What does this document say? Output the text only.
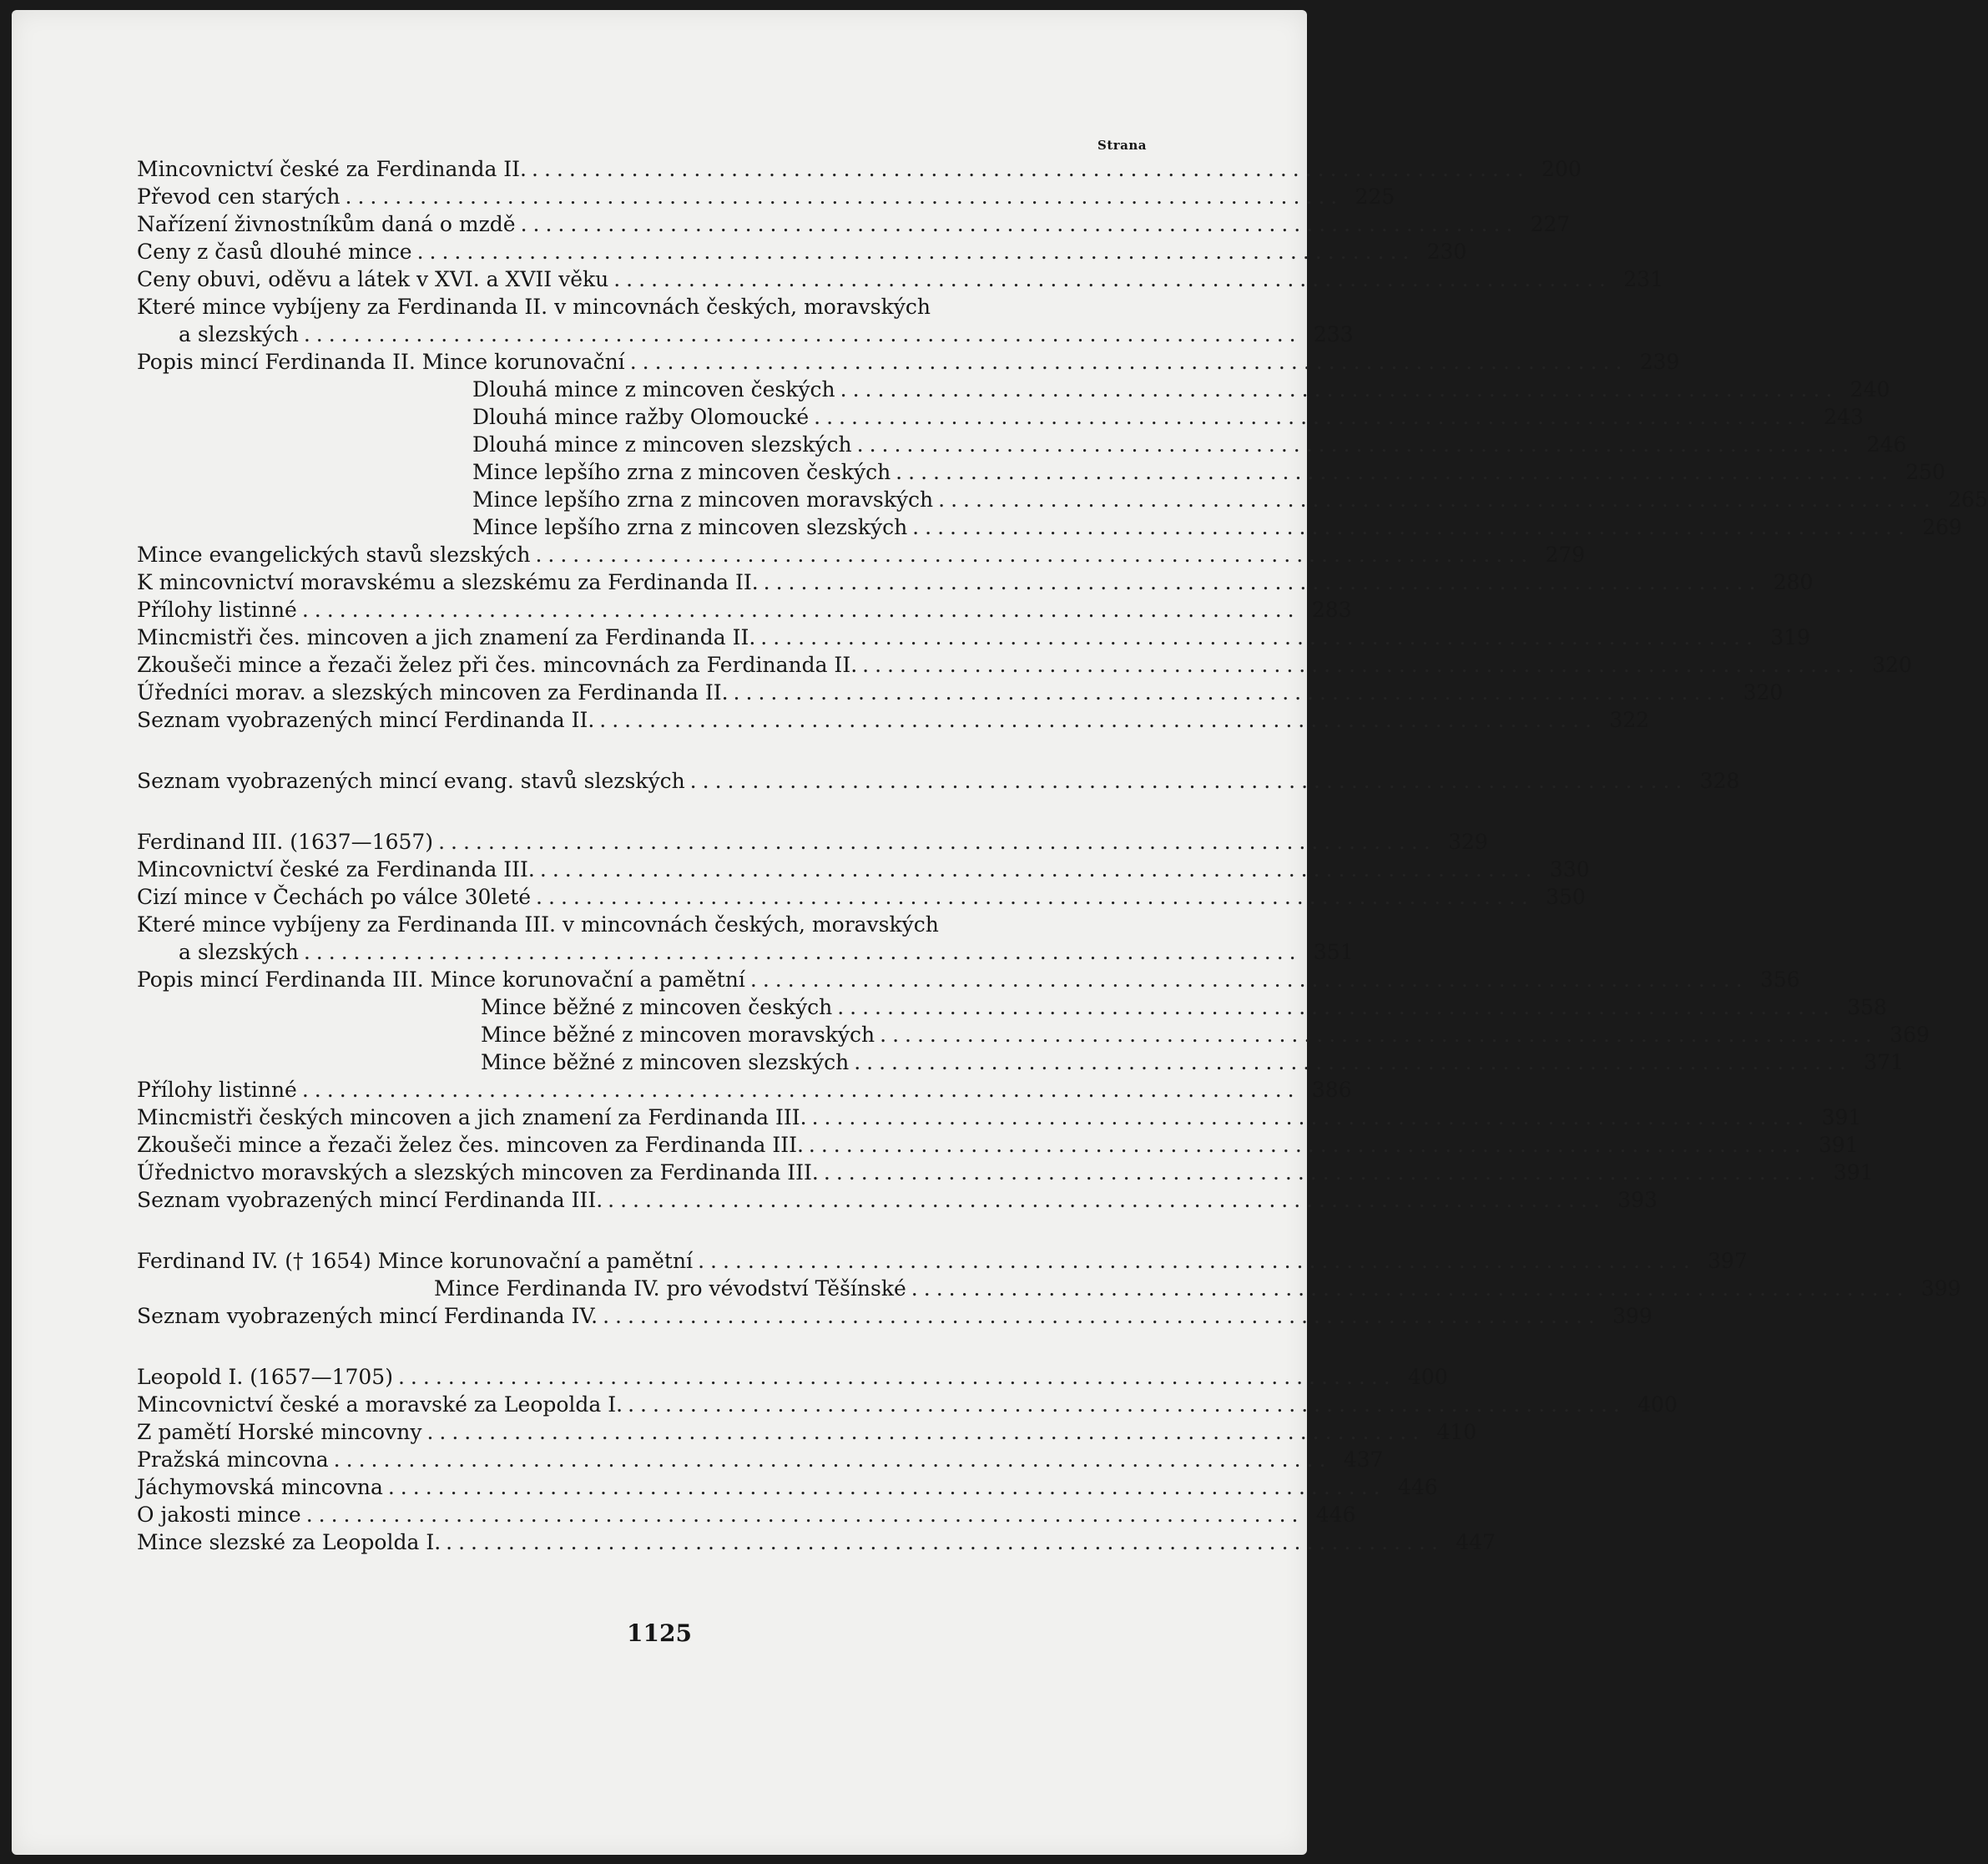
Strana
Mincovnictví české za Ferdinanda II. ................................................................................ 200
Převod cen starých ................................................................................ 225
Nařízení živnostníkům daná o mzdě ................................................................................ 227
Ceny z časů dlouhé mince ................................................................................ 230
Ceny obuvi, oděvu a látek v XVI. a XVII věku ................................................................................ 231
Které mince vybíjeny za Ferdinanda II. v mincovnách českých, moravských
a slezských ................................................................................ 233
Popis mincí Ferdinanda II. Mince korunovační ................................................................................ 239
Dlouhá mince z mincoven českých ................................................................................ 240
Dlouhá mince ražby Olomoucké ................................................................................ 243
Dlouhá mince z mincoven slezských ................................................................................ 246
Mince lepšího zrna z mincoven českých ................................................................................ 250
Mince lepšího zrna z mincoven moravských ................................................................................ 265
Mince lepšího zrna z mincoven slezských ................................................................................ 269
Mince evangelických stavů slezských ................................................................................ 279
K mincovnictví moravskému a slezskému za Ferdinanda II. ................................................................................ 280
Přílohy listinné ................................................................................ 283
Mincmistři čes. mincoven a jich znamení za Ferdinanda II. ................................................................................ 319
Zkoušeči mince a řezači želez při čes. mincovnách za Ferdinanda II. ................................................................................ 320
Úředníci morav. a slezských mincoven za Ferdinanda II. ................................................................................ 320
Seznam vyobrazených mincí Ferdinanda II. ................................................................................ 322
Seznam vyobrazených mincí evang. stavů slezských ................................................................................ 328
Ferdinand III. (1637—1657) ................................................................................ 329
Mincovnictví české za Ferdinanda III. ................................................................................ 330
Cizí mince v Čechách po válce 30leté ................................................................................ 350
Které mince vybíjeny za Ferdinanda III. v mincovnách českých, moravských
a slezských ................................................................................ 351
Popis mincí Ferdinanda III. Mince korunovační a pamětní ................................................................................ 356
Mince běžné z mincoven českých ................................................................................ 358
Mince běžné z mincoven moravských ................................................................................ 369
Mince běžné z mincoven slezských ................................................................................ 371
Přílohy listinné ................................................................................ 386
Mincmistři českých mincoven a jich znamení za Ferdinanda III. ................................................................................ 391
Zkoušeči mince a řezači želez čes. mincoven za Ferdinanda III. ................................................................................ 391
Úřednictvo moravských a slezských mincoven za Ferdinanda III. ................................................................................ 391
Seznam vyobrazených mincí Ferdinanda III. ................................................................................ 393
Ferdinand IV. († 1654) Mince korunovační a pamětní ................................................................................ 397
Mince Ferdinanda IV. pro vévodství Těšínské ................................................................................ 399
Seznam vyobrazených mincí Ferdinanda IV. ................................................................................ 399
Leopold I. (1657—1705) ................................................................................ 400
Mincovnictví české a moravské za Leopolda I. ................................................................................ 400
Z pamětí Horské mincovny ................................................................................ 410
Pražská mincovna ................................................................................ 437
Jáchymovská mincovna ................................................................................ 446
O jakosti mince ................................................................................ 446
Mince slezské za Leopolda I. ................................................................................ 447
1125
